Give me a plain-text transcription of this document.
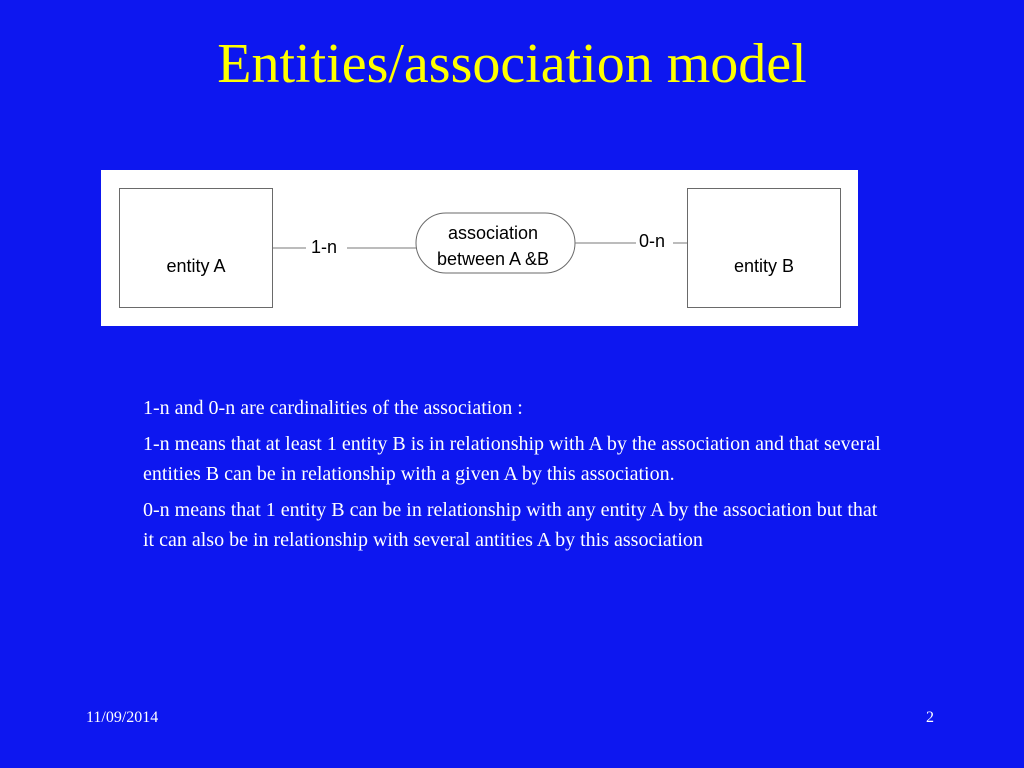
Entities/association model
entity A
1-n
association
between A &B
0-n
entity B

1-n and 0-n are cardinalities of the association :

1-n means that at least 1 entity B is in relationship with A by the association and that several entities B can be in relationship with a given A by this association.

0-n means that 1 entity B can be in relationship with any entity A by the association but that it can also be in relationship with several antities A by this association

11/09/2014	2
